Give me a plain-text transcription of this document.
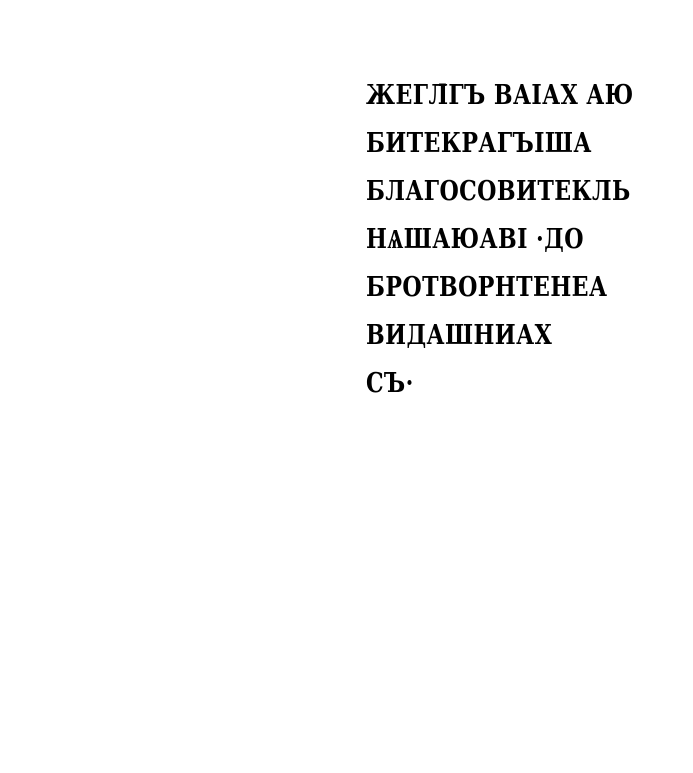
ЖЕГЛ̄ГЪ ВАІАХ АЮ
БИТЕКРАГЪІША
БЛАГОСОВИТЕКЛЬ
НѦШАЮАВІ ·ДО
БРОТВОРНТЕНЕА
ВИДАШНИАХ
СЪ·
